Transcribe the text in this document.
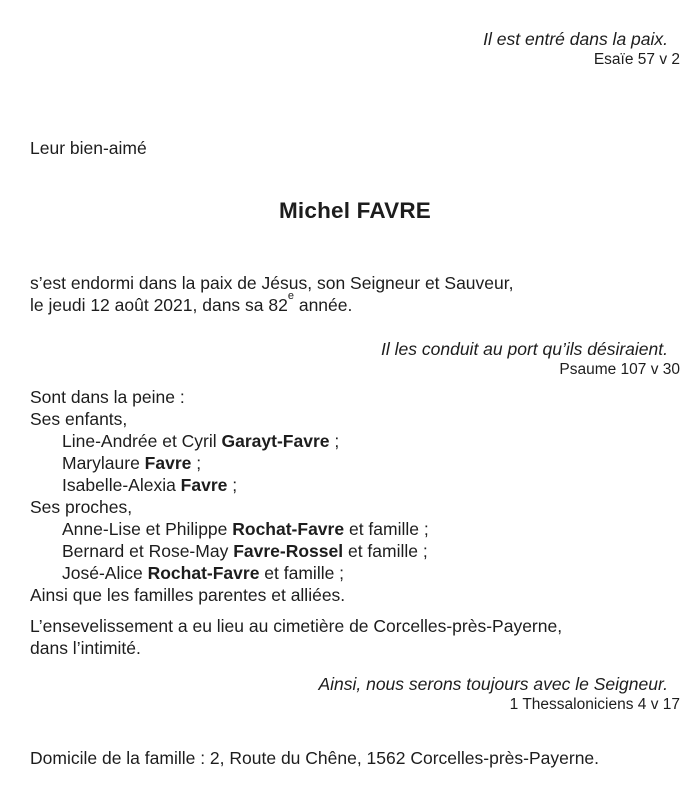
Il est entré dans la paix.
Esaïe 57 v 2

Leur bien-aimé

Michel FAVRE

s’est endormi dans la paix de Jésus, son Seigneur et Sauveur,
le jeudi 12 août 2021, dans sa 82e année.

Il les conduit au port qu’ils désiraient.
Psaume 107 v 30

Sont dans la peine :

Ses enfants,

Line-Andrée et Cyril Garayt-Favre ;

Marylaure Favre ;

Isabelle-Alexia Favre ;

Ses proches,

Anne-Lise et Philippe Rochat-Favre et famille ;

Bernard et Rose-May Favre-Rossel et famille ;

José-Alice Rochat-Favre et famille ;

Ainsi que les familles parentes et alliées.

L’ensevelissement a eu lieu au cimetière de Corcelles-près-Payerne,
dans l’intimité.

Ainsi, nous serons toujours avec le Seigneur.
1 Thessaloniciens 4 v 17

Domicile de la famille : 2, Route du Chêne, 1562 Corcelles-près-Payerne.
